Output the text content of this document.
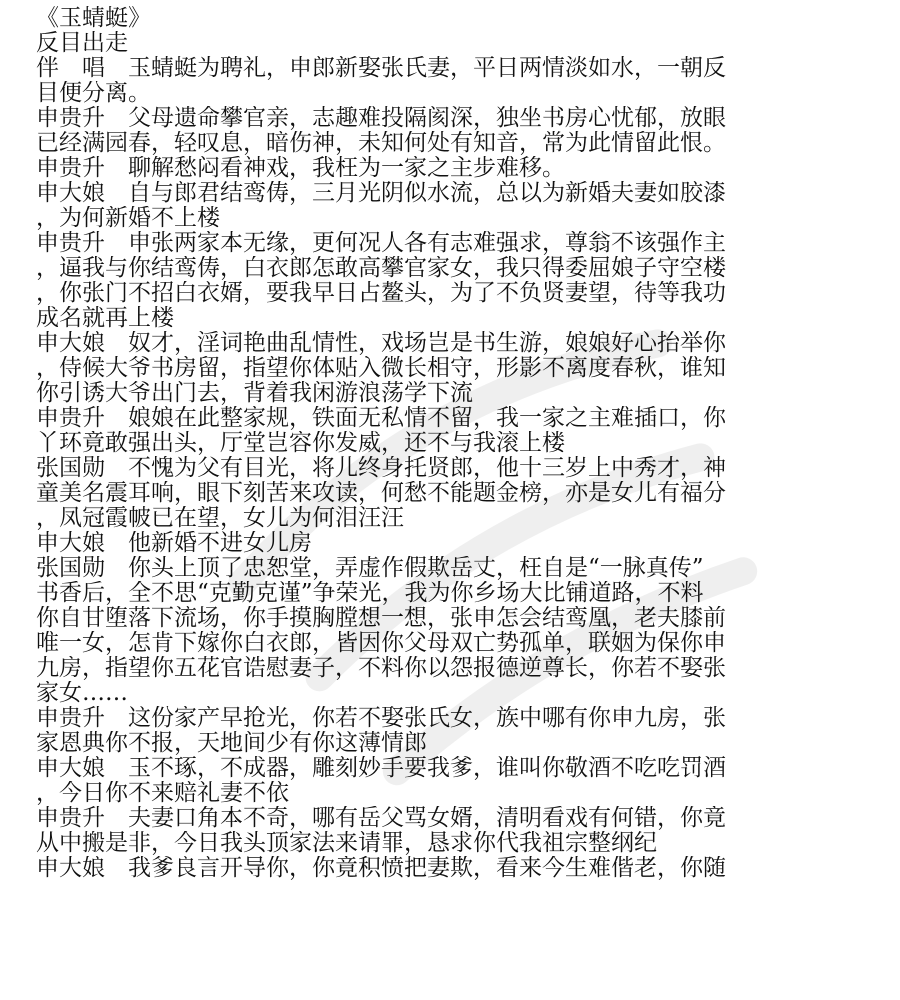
《玉蜻蜓》

反目出走

伴　唱　玉蜻蜓为聘礼，申郎新娶张氏妻，平日两情淡如水，一朝反

目便分离。

申贵升　父母遗命攀官亲，志趣难投隔阂深，独坐书房心忧郁，放眼

已经满园春，轻叹息，暗伤神，未知何处有知音，常为此情留此恨。

申贵升　聊解愁闷看神戏，我枉为一家之主步难移。

申大娘　自与郎君结鸾俦，三月光阴似水流，总以为新婚夫妻如胶漆

，为何新婚不上楼

申贵升　申张两家本无缘，更何况人各有志难强求，尊翁不该强作主

，逼我与你结鸾俦，白衣郎怎敢高攀官家女，我只得委屈娘子守空楼

，你张门不招白衣婿，要我早日占鳌头，为了不负贤妻望，待等我功

成名就再上楼

申大娘　奴才，淫词艳曲乱情性，戏场岂是书生游，娘娘好心抬举你

，侍候大爷书房留，指望你体贴入微长相守，形影不离度春秋，谁知

你引诱大爷出门去，背着我闲游浪荡学下流

申贵升　娘娘在此整家规，铁面无私情不留，我一家之主难插口，你

丫环竟敢强出头，厅堂岂容你发威，还不与我滚上楼

张国勋　不愧为父有目光，将儿终身托贤郎，他十三岁上中秀才，神

童美名震耳响，眼下刻苦来攻读，何愁不能题金榜，亦是女儿有福分

，凤冠霞帔已在望，女儿为何泪汪汪

申大娘　他新婚不进女儿房

张国勋　你头上顶了忠恕堂，弄虚作假欺岳丈，枉自是“一脉真传”

书香后，全不思“克勤克谨”争荣光，我为你乡场大比铺道路，不料

你自甘堕落下流场，你手摸胸膛想一想，张申怎会结鸾凰，老夫膝前

唯一女，怎肯下嫁你白衣郎，皆因你父母双亡势孤单，联姻为保你申

九房，指望你五花官诰慰妻子，不料你以怨报德逆尊长，你若不娶张

家女……

申贵升　这份家产早抢光，你若不娶张氏女，族中哪有你申九房，张

家恩典你不报，天地间少有你这薄情郎

申大娘　玉不琢，不成器，雕刻妙手要我爹，谁叫你敬酒不吃吃罚酒

，今日你不来赔礼妻不依

申贵升　夫妻口角本不奇，哪有岳父骂女婿，清明看戏有何错，你竟

从中搬是非，今日我头顶家法来请罪，恳求你代我祖宗整纲纪

申大娘　我爹良言开导你，你竟积愤把妻欺，看来今生难偕老，你随
